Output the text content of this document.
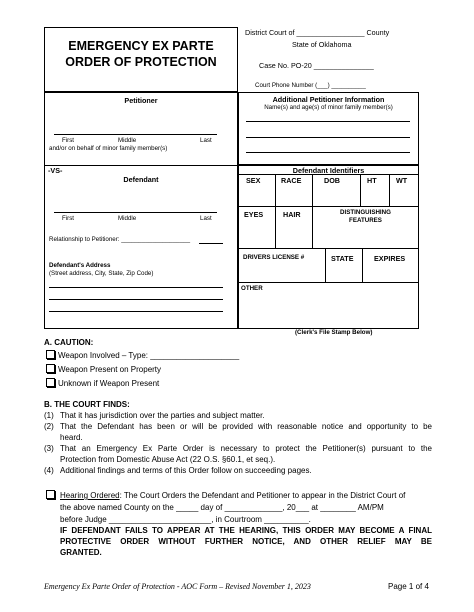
EMERGENCY EX PARTE
ORDER OF PROTECTION
District Court of _________________ County
State of Oklahoma
Case No. PO-20 _______________
Court Phone Number (___) __________
Petitioner
First	Middle	Last
and/or on behalf of minor family member(s)
-VS-
Defendant
First	Middle	Last
Relationship to Petitioner: ____________________
Defendant's Address
(Street address, City, State, Zip Code)
Additional Petitioner Information
Name(s) and age(s) of minor family member(s)
Defendant Identifiers
SEX	RACE	DOB	HT	WT
EYES	HAIR	DISTINGUISHING
FEATURES
DRIVERS LICENSE #	STATE	EXPIRES
OTHER
(Clerk's File Stamp Below)
A. CAUTION:
Weapon Involved – Type: ____________________
Weapon Present on Property
Unknown if Weapon Present
B. THE COURT FINDS:
(1) That it has jurisdiction over the parties and subject matter.
(2) That the Defendant has been or will be provided with reasonable notice and opportunity to be
heard.
(3) That an Emergency Ex Parte Order is necessary to protect the Petitioner(s) pursuant to the
Protection from Domestic Abuse Act (22 O.S. §60.1, et seq.).
(4) Additional findings and terms of this Order follow on succeeding pages.
Hearing Ordered: The Court Orders the Defendant and Petitioner to appear in the District Court of
the above named County on the _____ day of _____________, 20___ at ________ AM/PM
before Judge _______________________, in Courtroom __________.
IF DEFENDANT FAILS TO APPEAR AT THE HEARING, THIS ORDER MAY BECOME A FINAL
PROTECTIVE ORDER WITHOUT FURTHER NOTICE, AND OTHER RELIEF MAY BE
GRANTED.
Emergency Ex Parte Order of Protection - AOC Form – Revised November 1, 2023	Page 1 of 4
